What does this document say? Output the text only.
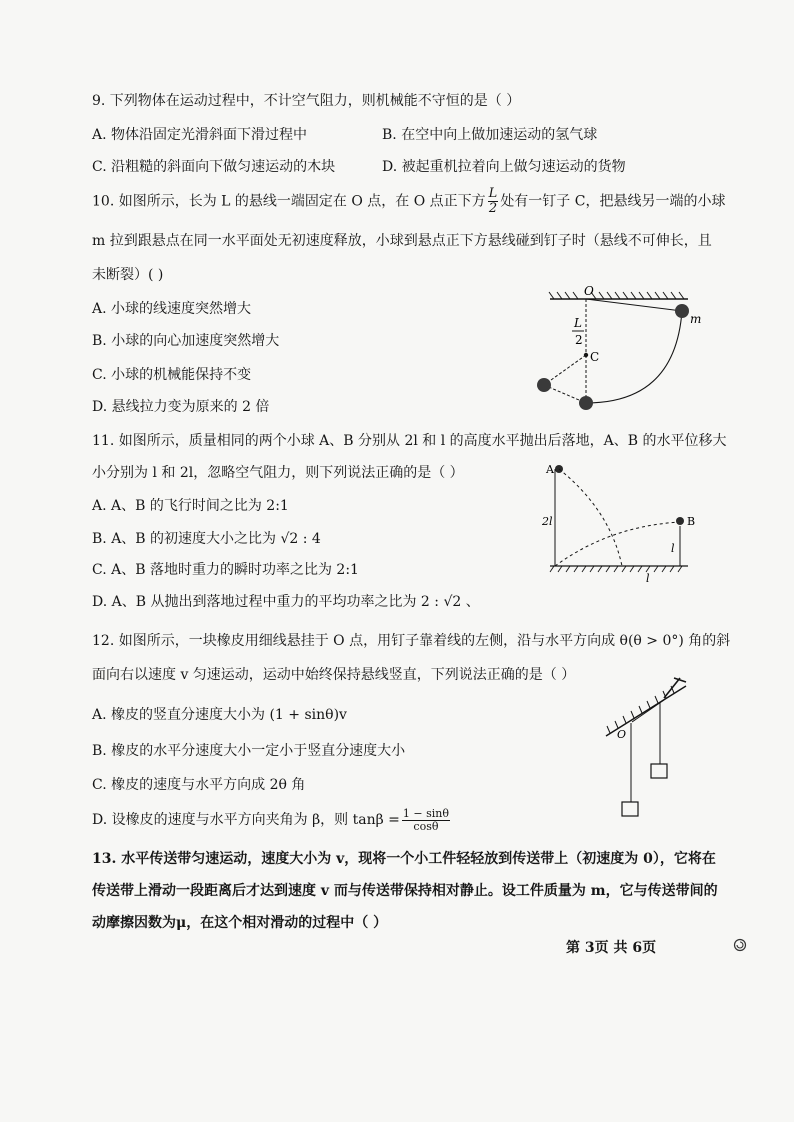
9. 下列物体在运动过程中，不计空气阻力，则机械能不守恒的是（ ）
A. 物体沿固定光滑斜面下滑过程中	B. 在空中向上做加速运动的氢气球
C. 沿粗糙的斜面向下做匀速运动的木块	D. 被起重机拉着向上做匀速运动的货物
10. 如图所示，长为 L 的悬线一端固定在 O 点，在 O 点正下方 $\frac{L}{2}$ 处有一钉子 C，把悬线另一端的小球
m 拉到跟悬点在同一水平面处无初速度释放，小球到悬点正下方悬线碰到钉子时（悬线不可伸长，且
未断裂）( )
A. 小球的线速度突然增大
B. 小球的向心加速度突然增大
C. 小球的机械能保持不变
D. 悬线拉力变为原来的 2 倍
O
L
2
C
m
11. 如图所示，质量相同的两个小球 A、B 分别从 2l 和 l 的高度水平抛出后落地，A、B 的水平位移大
小分别为 l 和 2l，忽略空气阻力，则下列说法正确的是（ ）
A. A、B 的飞行时间之比为 2:1
B. A、B 的初速度大小之比为 √2 : 4
C. A、B 落地时重力的瞬时功率之比为 2:1
D. A、B 从抛出到落地过程中重力的平均功率之比为 2 : √2 、
A
2l	B
l
l
12. 如图所示，一块橡皮用细线悬挂于 O 点，用钉子靠着线的左侧，沿与水平方向成 θ(θ > 0°) 角的斜
面向右以速度 v 匀速运动，运动中始终保持悬线竖直，下列说法正确的是（ ）
A. 橡皮的竖直分速度大小为 (1 + sinθ)v
B. 橡皮的水平分速度大小一定小于竖直分速度大小
C. 橡皮的速度与水平方向成 2θ 角
D. 设橡皮的速度与水平方向夹角为 β，则 $\tan\beta = \frac{1 - \sin\theta}{\cos\theta}$
O
13. 水平传送带匀速运动，速度大小为 v，现将一个小工件轻轻放到传送带上（初速度为 0），它将在
传送带上滑动一段距离后才达到速度 v 而与传送带保持相对静止。设工件质量为 m，它与传送带间的
动摩擦因数为μ，在这个相对滑动的过程中（ ）
第 3页 共 6页
